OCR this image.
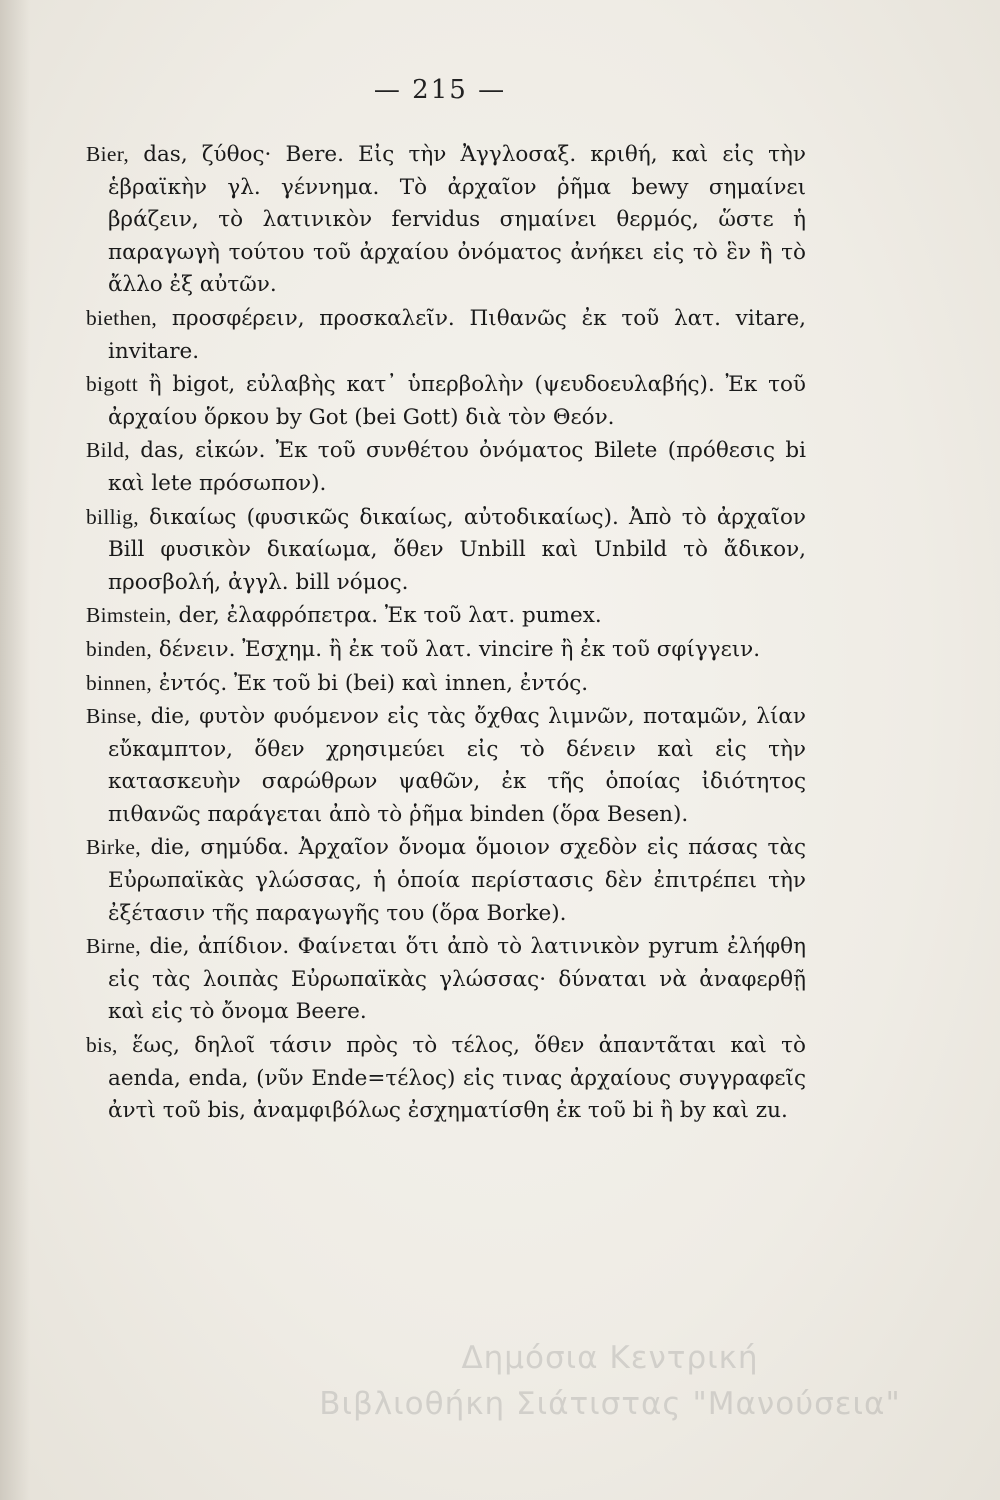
— 215 —

Bier, das, ζύθος· Bere. Εἰς τὴν Ἀγγλοσαξ. κριθή, καὶ εἰς τὴν ἑβραϊκὴν γλ. γέννημα. Τὸ ἀρχαῖον ῥῆμα bewy σημαίνει βράζειν, τὸ λατινικὸν fervidus σημαίνει θερμός, ὥστε ἡ παραγωγὴ τούτου τοῦ ἀρχαίου ὀνόματος ἀνήκει εἰς τὸ ἓν ἢ τὸ ἄλλο ἐξ αὐτῶν.

biethen, προσφέρειν, προσκαλεῖν. Πιθανῶς ἐκ τοῦ λατ. vitare, invitare.

bigott ἢ bigot, εὐλαβὴς κατ᾽ ὑπερβολὴν (ψευδοευλαβής). Ἐκ τοῦ ἀρχαίου ὅρκου by Got (bei Gott) διὰ τὸν Θεόν.

Bild, das, εἰκών. Ἐκ τοῦ συνθέτου ὀνόματος Bilete (πρόθεσις bi καὶ lete πρόσωπον).

billig, δικαίως (φυσικῶς δικαίως, αὐτοδικαίως). Ἀπὸ τὸ ἀρχαῖον Bill φυσικὸν δικαίωμα, ὅθεν Unbill καὶ Unbild τὸ ἄδικον, προσβολή, ἀγγλ. bill νόμος.

Bimstein, der, ἐλαφρόπετρα. Ἐκ τοῦ λατ. pumex.

binden, δένειν. Ἐσχημ. ἢ ἐκ τοῦ λατ. vincire ἢ ἐκ τοῦ σφίγγειν.

binnen, ἐντός. Ἐκ τοῦ bi (bei) καὶ innen, ἐντός.

Binse, die, φυτὸν φυόμενον εἰς τὰς ὄχθας λιμνῶν, ποταμῶν, λίαν εὔκαμπτον, ὅθεν χρησιμεύει εἰς τὸ δένειν καὶ εἰς τὴν κατασκευὴν σαρώθρων ψαθῶν, ἐκ τῆς ὁποίας ἰδιότητος πιθανῶς παράγεται ἀπὸ τὸ ῥῆμα binden (ὅρα Besen).

Birke, die, σημύδα. Ἀρχαῖον ὄνομα ὅμοιον σχεδὸν εἰς πάσας τὰς Εὐρωπαϊκὰς γλώσσας, ἡ ὁποία περίστασις δὲν ἐπιτρέπει τὴν ἐξέτασιν τῆς παραγωγῆς του (ὅρα Borke).

Birne, die, ἀπίδιον. Φαίνεται ὅτι ἀπὸ τὸ λατινικὸν pyrum ἐλήφθη εἰς τὰς λοιπὰς Εὐρωπαϊκὰς γλώσσας· δύναται νὰ ἀναφερθῇ καὶ εἰς τὸ ὄνομα Beere.

bis, ἕως, δηλοῖ τάσιν πρὸς τὸ τέλος, ὅθεν ἀπαντᾶται καὶ τὸ aenda, enda, (νῦν Ende=τέλος) εἰς τινας ἀρχαίους συγγραφεῖς ἀντὶ τοῦ bis, ἀναμφιβόλως ἐσχηματίσθη ἐκ τοῦ bi ἢ by καὶ zu.

Δημόσια Κεντρική
Βιβλιοθήκη Σιάτιστας "Μανούσεια"
